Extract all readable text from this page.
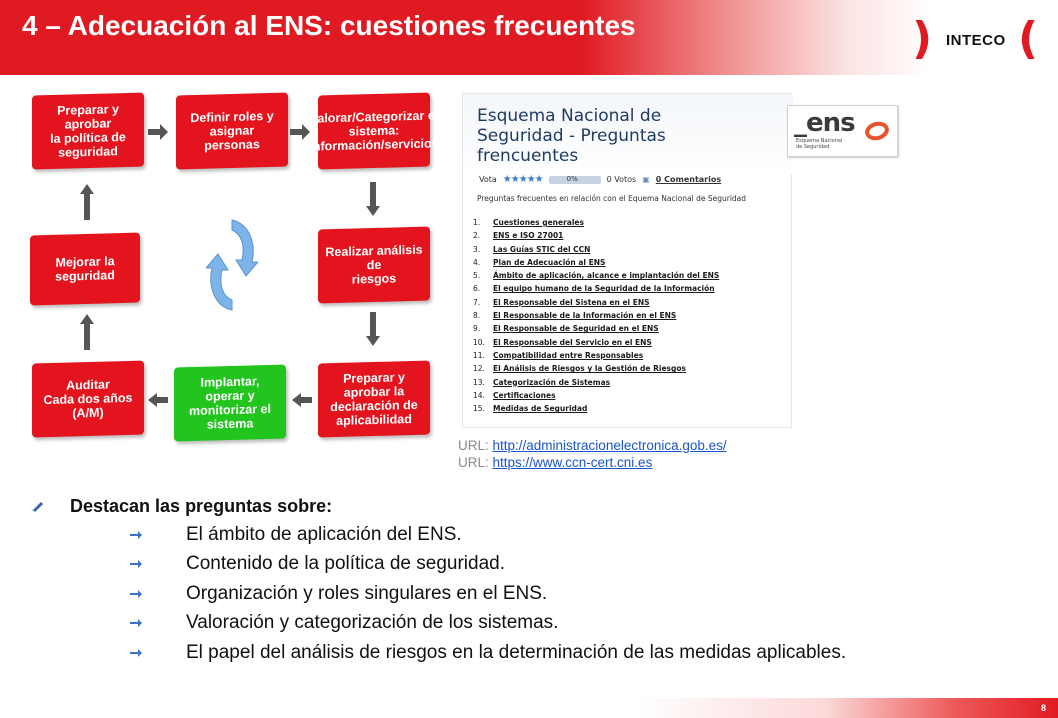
4 – Adecuación al ENS: cuestiones frecuentes	) INTECO (
Preparar y aprobar
la política de
seguridad
Definir roles y
asignar personas
Valorar/Categorizar el
sistema:
Información/servicios
Mejorar la seguridad
Realizar análisis de
riesgos
Auditar
Cada dos años (A/M)
Implantar, operar y
monitorizar el
sistema
Preparar y aprobar la
declaración de
aplicabilidad
Esquema Nacional de Seguridad - Preguntas frencuentes
Vota ★★★★★	0%	0 Votos ▣ 0 Comentarios
Preguntas frecuentes en relación con el Equema Nacional de Seguridad
1.	Cuestiones generales
2.	ENS e ISO 27001
3.	Las Guías STIC del CCN
4.	Plan de Adecuación al ENS
5.	Ámbito de aplicación, alcance e implantación del ENS
6.	El equipo humano de la Seguridad de la Información
7.	El Responsable del Sistena en el ENS
8.	El Responsable de la Información en el ENS
9.	El Responsable de Seguridad en el ENS
10.	El Responsable del Servicio en el ENS
11.	Compatibilidad entre Responsables
12.	El Análisis de Riesgos y la Gestión de Riesgos
13.	Categorización de Sistemas
14.	Certificaciones
15.	Medidas de Seguridad
_ens
Esquema Nacional
de Seguridad
URL: http://administracionelectronica.gob.es/
URL: https://www.ccn-cert.cni.es
Destacan las preguntas sobre:
El ámbito de aplicación del ENS.
Contenido de la política de seguridad.
Organización y roles singulares en el ENS.
Valoración y categorización de los sistemas.
El papel del análisis de riesgos en la determinación de las medidas aplicables.
8
